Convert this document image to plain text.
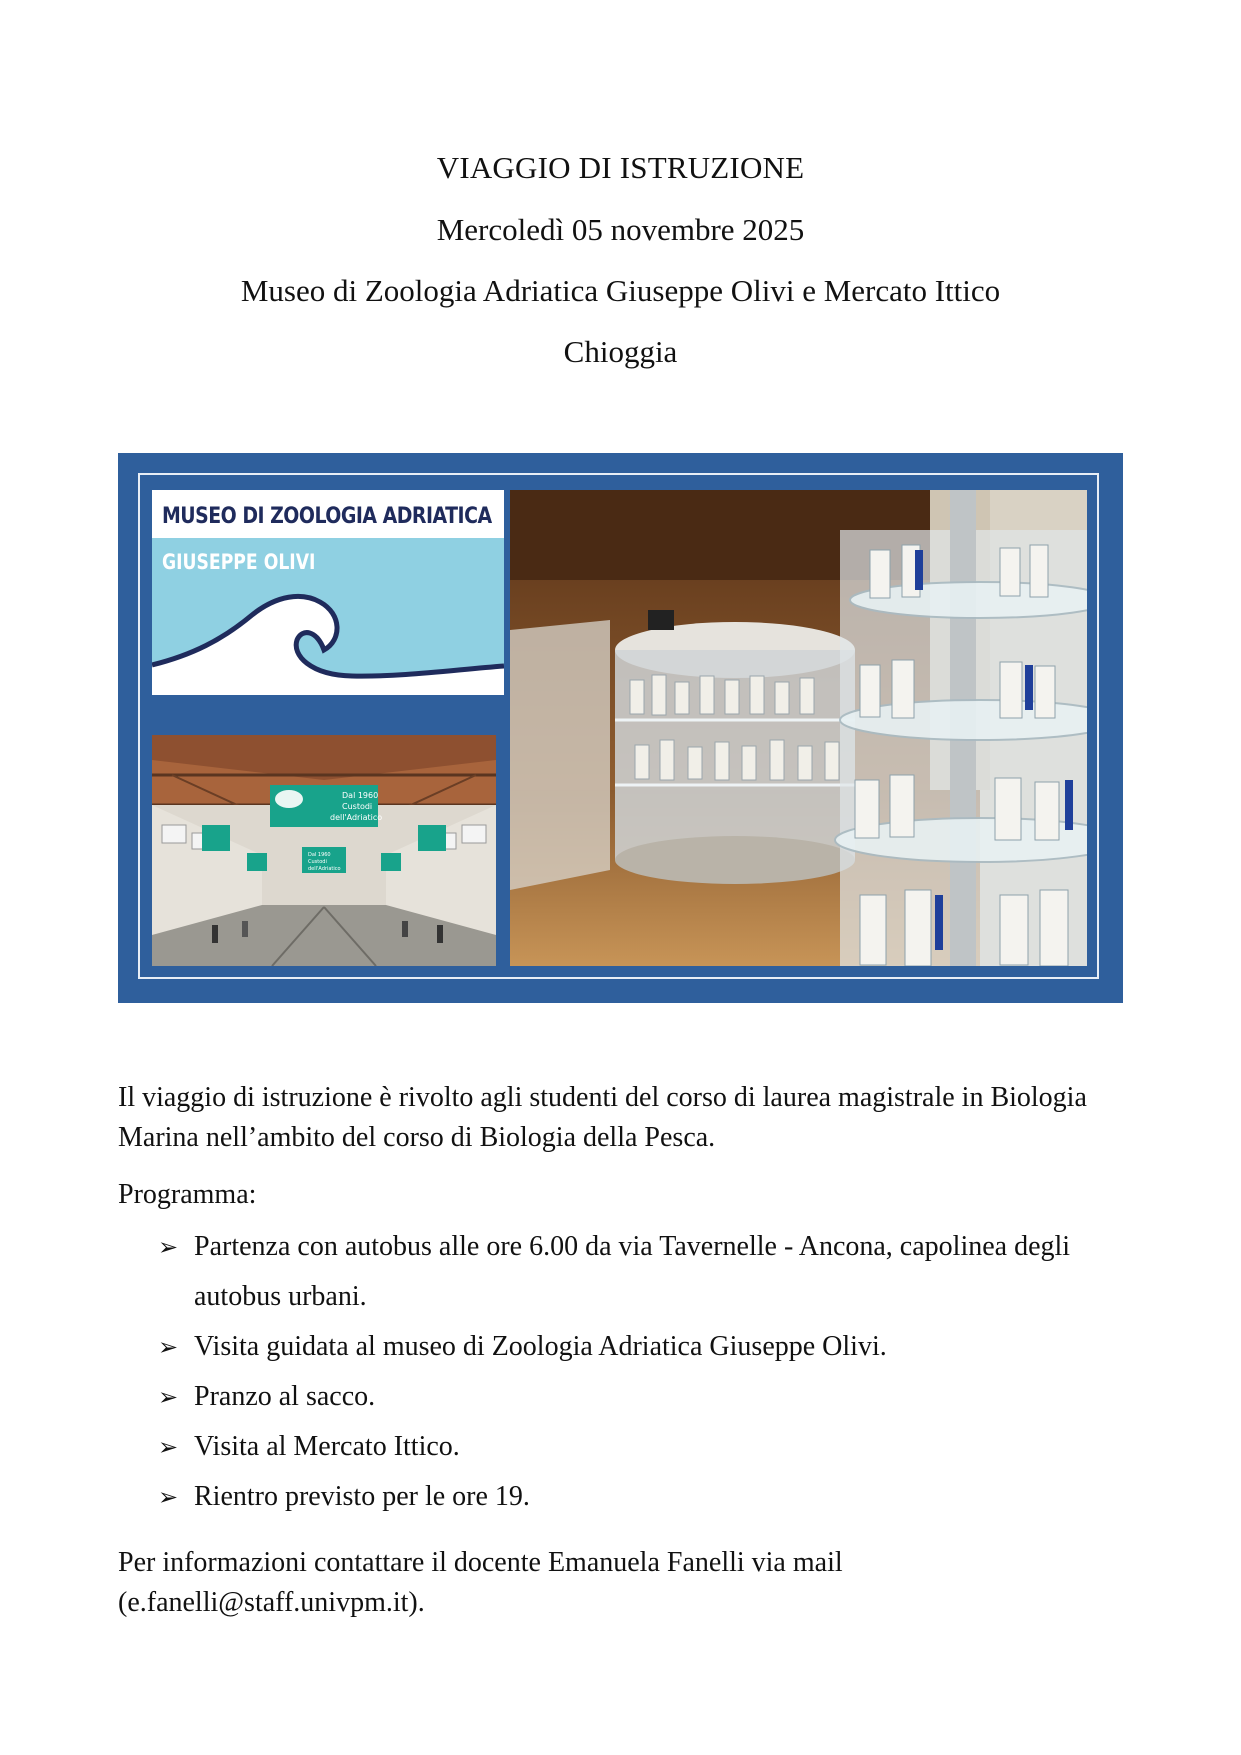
VIAGGIO DI ISTRUZIONE
Mercoledì 05 novembre 2025
Museo di Zoologia Adriatica Giuseppe Olivi e Mercato Ittico
Chioggia
MUSEO DI ZOOLOGIA ADRIATICA
GIUSEPPE OLIVI
Dal 1960
Custodi
dell'Adriatico
Dal 1960
Custodi
dell'Adriatico
Il viaggio di istruzione è rivolto agli studenti del corso di laurea magistrale in Biologia Marina nell’ambito del corso di Biologia della Pesca.
Programma:
➢ Partenza con autobus alle ore 6.00 da via Tavernelle - Ancona, capolinea degli autobus urbani.
➢ Visita guidata al museo di Zoologia Adriatica Giuseppe Olivi.
➢ Pranzo al sacco.
➢ Visita al Mercato Ittico.
➢ Rientro previsto per le ore 19.
Per informazioni contattare il docente Emanuela Fanelli via mail (e.fanelli@staff.univpm.it).
